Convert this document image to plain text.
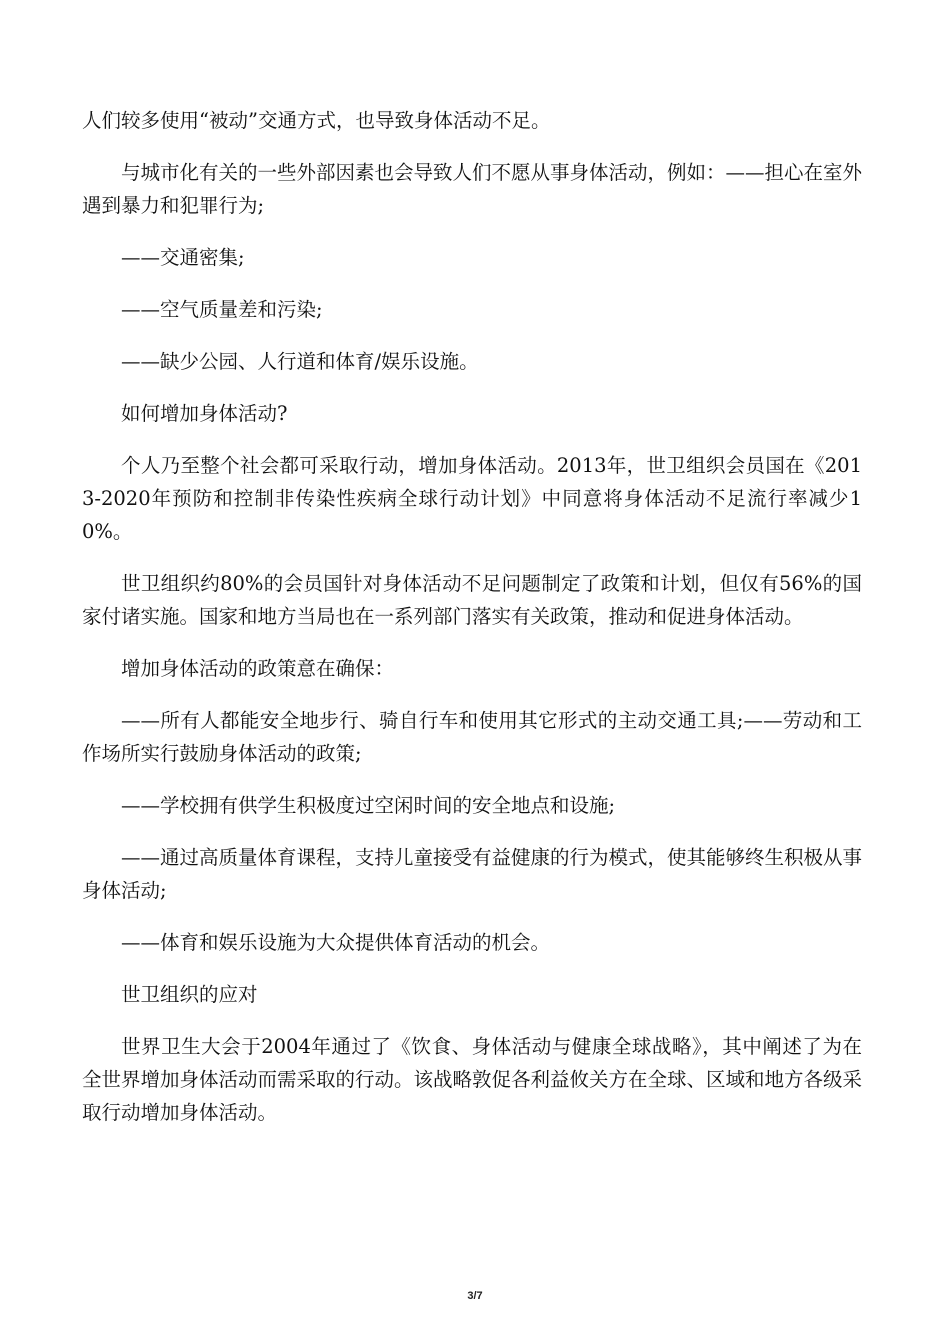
人们较多使用“被动”交通方式，也导致身体活动不足。

与城市化有关的一些外部因素也会导致人们不愿从事身体活动，例如：——担心在室外遇到暴力和犯罪行为;

——交通密集;

——空气质量差和污染;

——缺少公园、人行道和体育/娱乐设施。

如何增加身体活动?

个人乃至整个社会都可采取行动，增加身体活动。2013年，世卫组织会员国在《2013-2020年预防和控制非传染性疾病全球行动计划》中同意将身体活动不足流行率减少10%。

世卫组织约80%的会员国针对身体活动不足问题制定了政策和计划，但仅有56%的国家付诸实施。国家和地方当局也在一系列部门落实有关政策，推动和促进身体活动。

增加身体活动的政策意在确保：

——所有人都能安全地步行、骑自行车和使用其它形式的主动交通工具;——劳动和工作场所实行鼓励身体活动的政策;

——学校拥有供学生积极度过空闲时间的安全地点和设施;

——通过高质量体育课程，支持儿童接受有益健康的行为模式，使其能够终生积极从事身体活动;

——体育和娱乐设施为大众提供体育活动的机会。

世卫组织的应对

世界卫生大会于2004年通过了《饮食、身体活动与健康全球战略》，其中阐述了为在全世界增加身体活动而需采取的行动。该战略敦促各利益攸关方在全球、区域和地方各级采取行动增加身体活动。

3/7
